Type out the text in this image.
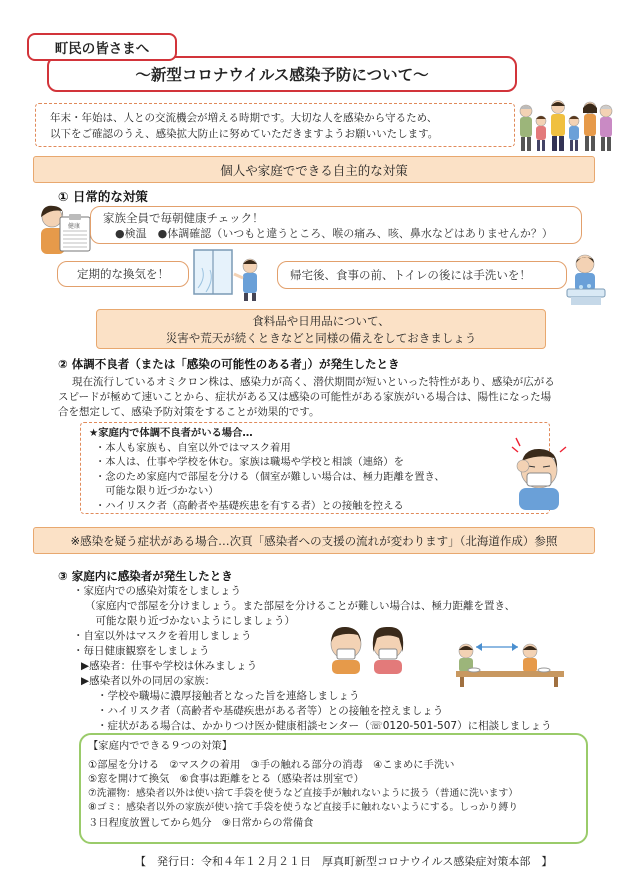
町民の皆さまへ
～新型コロナウイルス感染予防について～
年末・年始は、人との交流機会が増える時期です。大切な人を感染から守るため、
以下をご確認のうえ、感染拡大防止に努めていただきますようお願いいたします。
個人や家庭でできる自主的な対策
① 日常的な対策
健康
家族全員で毎朝健康チェック！
●検温　●体調確認（いつもと違うところ、喉の痛み、咳、鼻水などはありませんか？）
定期的な換気を！	帰宅後、食事の前、トイレの後には手洗いを！
食料品や日用品について、
災害や荒天が続くときなどと同様の備えをしておきましょう
② 体調不良者（または「感染の可能性のある者」）が発生したとき
現在流行しているオミクロン株は、感染力が高く、潜伏期間が短いといった特性があり、感染が広がる
スピードが極めて速いことから、症状がある又は感染の可能性がある家族がいる場合は、陽性になった場
合を想定して、感染予防対策をすることが効果的です。
★家庭内で体調不良者がいる場合…
・本人も家族も、自室以外ではマスク着用
・本人は、仕事や学校を休む。家族は職場や学校と相談（連絡）を
・念のため家庭内で部屋を分ける（個室が難しい場合は、極力距離を置き、
　可能な限り近づかない）
・ハイリスク者（高齢者や基礎疾患を有する者）との接触を控える
※感染を疑う症状がある場合…次頁「感染者への支援の流れが変わります」（北海道作成）参照
③ 家庭内に感染者が発生したとき
・家庭内での感染対策をしましょう
（家庭内で部屋を分けましょう。また部屋を分けることが難しい場合は、極力距離を置き、
　可能な限り近づかないようにしましょう）
・自室以外はマスクを着用しましょう
・毎日健康観察をしましょう
▶感染者：仕事や学校は休みましょう
▶感染者以外の同居の家族：
・学校や職場に濃厚接触者となった旨を連絡しましょう
・ハイリスク者（高齢者や基礎疾患がある者等）との接触を控えましょう
・症状がある場合は、かかりつけ医か健康相談センター（☏0120-501-507）に相談しましょう
【家庭内でできる９つの対策】
①部屋を分ける　②マスクの着用　③手の触れる部分の消毒　④こまめに手洗い
⑤窓を開けて換気　⑥食事は距離をとる（感染者は別室で）
⑦洗濯物：感染者以外は使い捨て手袋を使うなど直接手が触れないように扱う（普通に洗います）
⑧ゴミ：感染者以外の家族が使い捨て手袋を使うなど直接手に触れないようにする。しっかり縛り
３日程度放置してから処分　⑨日常からの常備食
【　発行日：令和４年１２月２１日　厚真町新型コロナウイルス感染症対策本部　】
